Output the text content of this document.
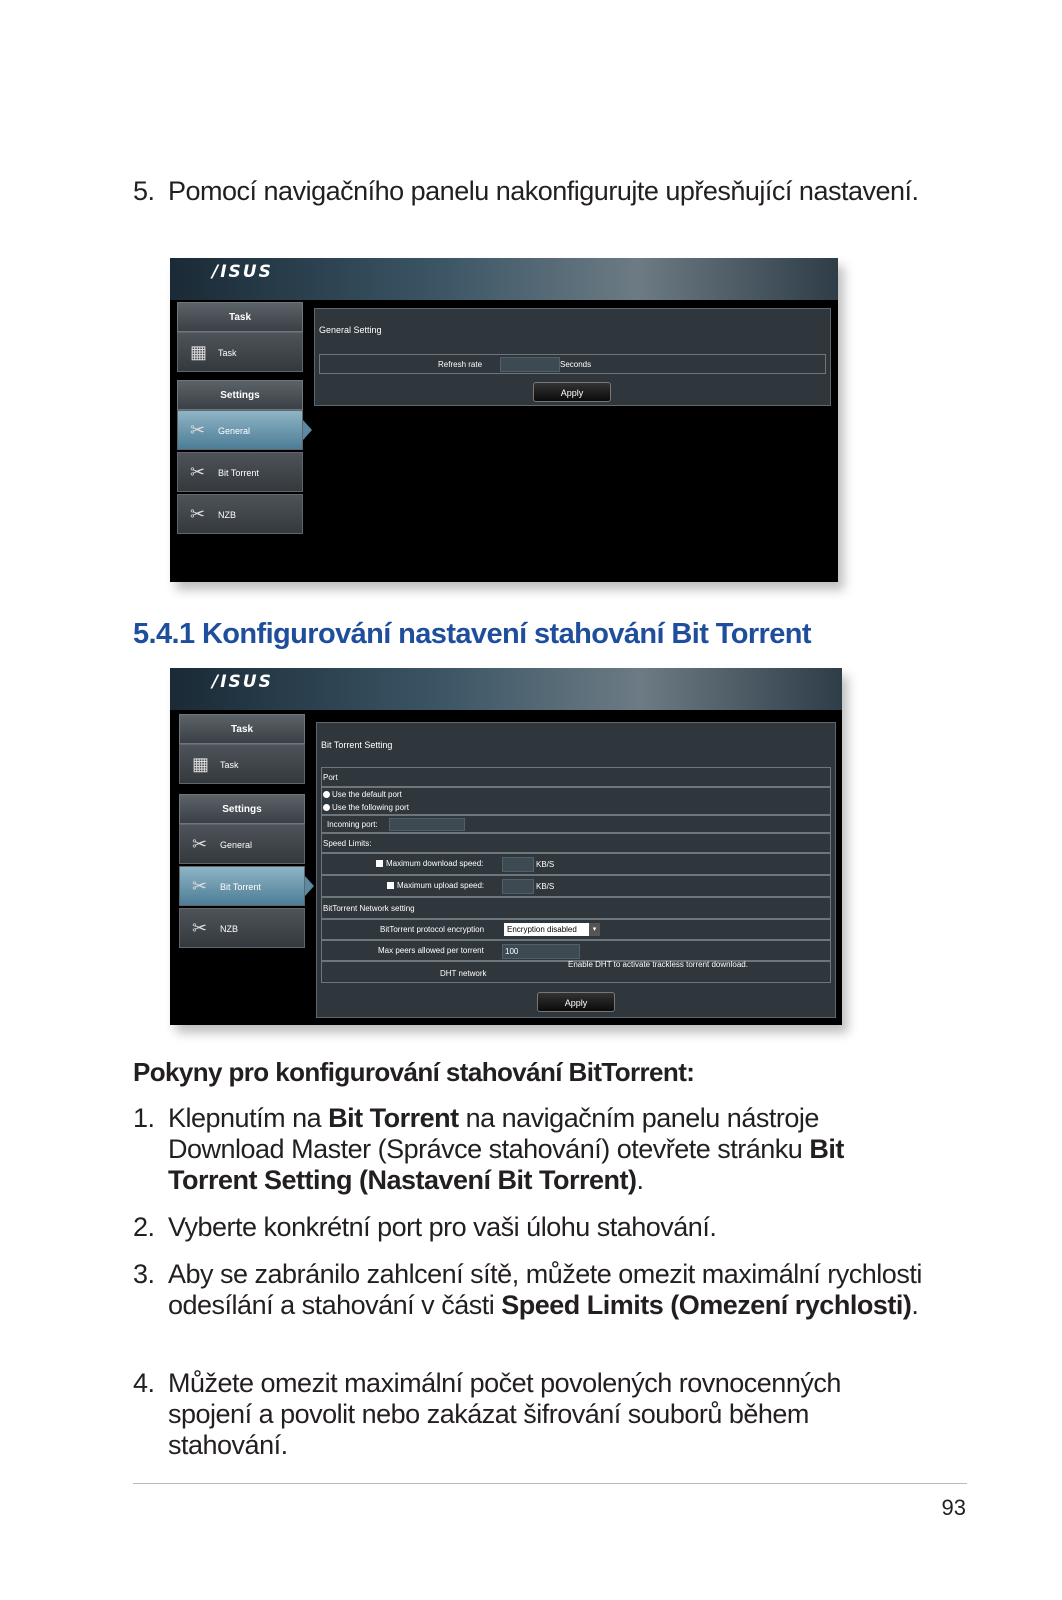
5. Pomocí navigačního panelu nakonfigurujte upřesňující nastavení.
/ISUS
Task
▦	Task
Settings
✂	General
✂	Bit Torrent
✂	NZB
General Setting
Refresh rate	Seconds
Apply
5.4.1 Konfigurování nastavení stahování Bit Torrent
/ISUS
Task
▦	Task
Settings
✂	General
✂	Bit Torrent
✂	NZB
Bit Torrent Setting
Port
Use the default port
Use the following port
Incoming port:
Speed Limits:
Maximum download speed:	KB/S
Maximum upload speed:	KB/S
BitTorrent Network setting
BitTorrent protocol encryption	Encryption disabled	▾
Max peers allowed per torrent	100
DHT network
Enable DHT to activate trackless torrent download.
Apply
Pokyny pro konfigurování stahování BitTorrent:
1. Klepnutím na Bit Torrent na navigačním panelu nástroje Download Master (Správce stahování) otevřete stránku Bit Torrent Setting (Nastavení Bit Torrent).
2. Vyberte konkrétní port pro vaši úlohu stahování.
3. Aby se zabránilo zahlcení sítě, můžete omezit maximální rychlosti odesílání a stahování v části Speed Limits (Omezení rychlosti).
4. Můžete omezit maximální počet povolených rovnocenných spojení a povolit nebo zakázat šifrování souborů během stahování.
93
